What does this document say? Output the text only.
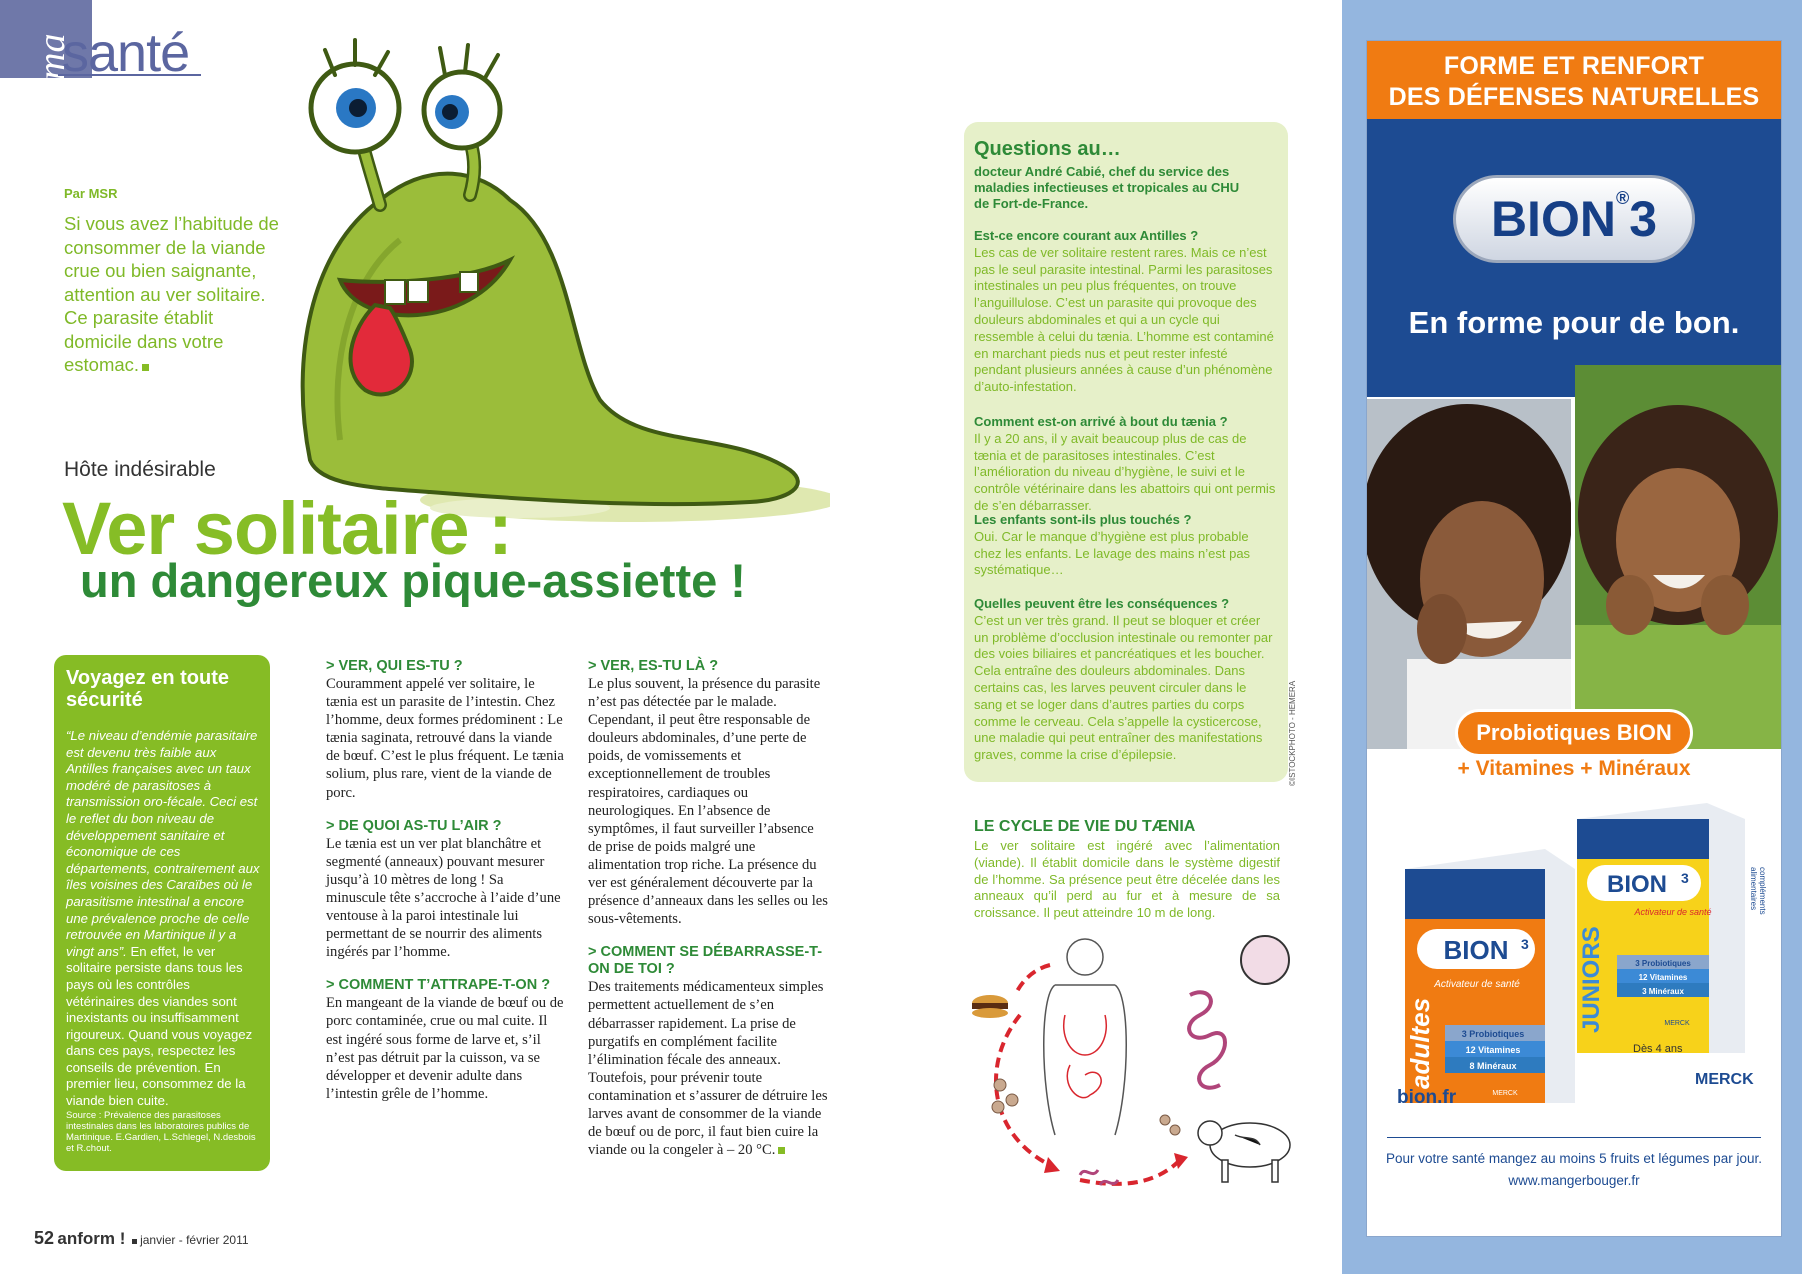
ma
santé
Par MSR
Si vous avez l’habitude de consommer de la viande crue ou bien saignante, attention au ver solitaire. Ce parasite établit domicile dans votre estomac.
Hôte indésirable
Ver solitaire :
un dangereux pique-assiette !
Voyagez en toute sécurité
“Le niveau d’endémie parasitaire est devenu très faible aux Antilles françaises avec un taux modéré de parasitoses à transmission oro-fécale. Ceci est le reflet du bon niveau de développement sanitaire et économique de ces départements, contrairement aux îles voisines des Caraïbes où le parasitisme intestinal a encore une prévalence proche de celle retrouvée en Martinique il y a vingt ans”. En effet, le ver solitaire persiste dans tous les pays où les contrôles vétérinaires des viandes sont inexistants ou insuffisamment rigoureux. Quand vous voyagez dans ces pays, respectez les conseils de prévention. En premier lieu, consommez de la viande bien cuite.
Source : Prévalence des parasitoses intestinales dans les laboratoires publics de Martinique. E.Gardien, L.Schlegel, N.desbois et R.chout.
> VER, QUI ES-TU ?

Couramment appelé ver solitaire, le tænia est un parasite de l’intestin. Chez l’homme, deux formes prédominent : Le tænia saginata, retrouvé dans la viande de bœuf. C’est le plus fréquent. Le tænia solium, plus rare, vient de la viande de porc.

> DE QUOI AS-TU L’AIR ?

Le tænia est un ver plat blanchâtre et segmenté (anneaux) pouvant mesurer jusqu’à 10 mètres de long ! Sa minuscule tête s’accroche à l’aide d’une ventouse à la paroi intestinale lui permettant de se nourrir des aliments ingérés par l’homme.

> COMMENT T’ATTRAPE-T-ON ?

En mangeant de la viande de bœuf ou de porc contaminée, crue ou mal cuite. Il est ingéré sous forme de larve et, s’il n’est pas détruit par la cuisson, va se développer et devenir adulte dans l’intestin grêle de l’homme.

> VER, ES-TU LÀ ?

Le plus souvent, la présence du parasite n’est pas détectée par le malade. Cependant, il peut être responsable de douleurs abdominales, d’une perte de poids, de vomissements et exceptionnellement de troubles respiratoires, cardiaques ou neurologiques. En l’absence de symptômes, il faut surveiller l’absence de prise de poids malgré une alimentation trop riche. La présence du ver est généralement découverte par la présence d’anneaux dans les selles ou les sous-vêtements.

> COMMENT SE DÉBARRASSE-T-ON DE TOI ?

Des traitements médicamenteux simples permettent actuellement de s’en débarrasser rapidement. La prise de purgatifs en complément facilite l’élimination fécale des anneaux. Toutefois, pour prévenir toute contamination et s’assurer de détruire les larves avant de consommer de la viande de bœuf ou de porc, il faut bien cuire la viande ou la congeler à – 20 °C.

Questions au…
docteur André Cabié, chef du service des maladies infectieuses et tropicales au CHU de Fort-de-France.
Est-ce encore courant aux Antilles ?
Les cas de ver solitaire restent rares. Mais ce n’est pas le seul parasite intestinal. Parmi les parasitoses intestinales un peu plus fréquentes, on trouve l’anguillulose. C’est un parasite qui provoque des douleurs abdominales et qui a un cycle qui ressemble à celui du tænia. L’homme est contaminé en marchant pieds nus et peut rester infesté pendant plusieurs années à cause d’un phénomène d’auto-infestation.
Comment est-on arrivé à bout du tænia ?
Il y a 20 ans, il y avait beaucoup plus de cas de tænia et de parasitoses intestinales. C’est l’amélioration du niveau d’hygiène, le suivi et le contrôle vétérinaire dans les abattoirs qui ont permis de s’en débarrasser.
Les enfants sont-ils plus touchés ?
Oui. Car le manque d’hygiène est plus probable chez les enfants. Le lavage des mains n’est pas systématique…
Quelles peuvent être les conséquences ?
C’est un ver très grand. Il peut se bloquer et créer un problème d’occlusion intestinale ou remonter par des voies biliaires et pancréatiques et les boucher. Cela entraîne des douleurs abdominales. Dans certains cas, les larves peuvent circuler dans le sang et se loger dans d’autres parties du corps comme le cerveau. Cela s’appelle la cysticercose, une maladie qui peut entraîner des manifestations graves, comme la crise d’épilepsie.	©ISTOCKPHOTO - HEMERA
LE CYCLE DE VIE DU TÆNIA
Le ver solitaire est ingéré avec l’alimentation (viande). Il établit domicile dans le système digestif de l’homme. Sa présence peut être décelée dans les anneaux qu’il perd au fur et à mesure de sa croissance. Il peut atteindre 10 m de long.
52 anform ! janvier - février 2011
FORME ET RENFORT
DES DÉFENSES NATURELLES
BION®3
En forme pour de bon.
Probiotiques BION
+ Vitamines + Minéraux
BION 3
Activateur de santé
adultes	3 Probiotiques
12 Vitamines
8 Minéraux
MERCK
BION 3
Activateur de santé
JUNIORS	3 Probiotiques
12 Vitamines
3 Minéraux
MERCK
compléments alimentaires
Dès 4 ans
bion.fr
MERCK
Pour votre santé mangez au moins 5 fruits et légumes par jour.
www.mangerbouger.fr
